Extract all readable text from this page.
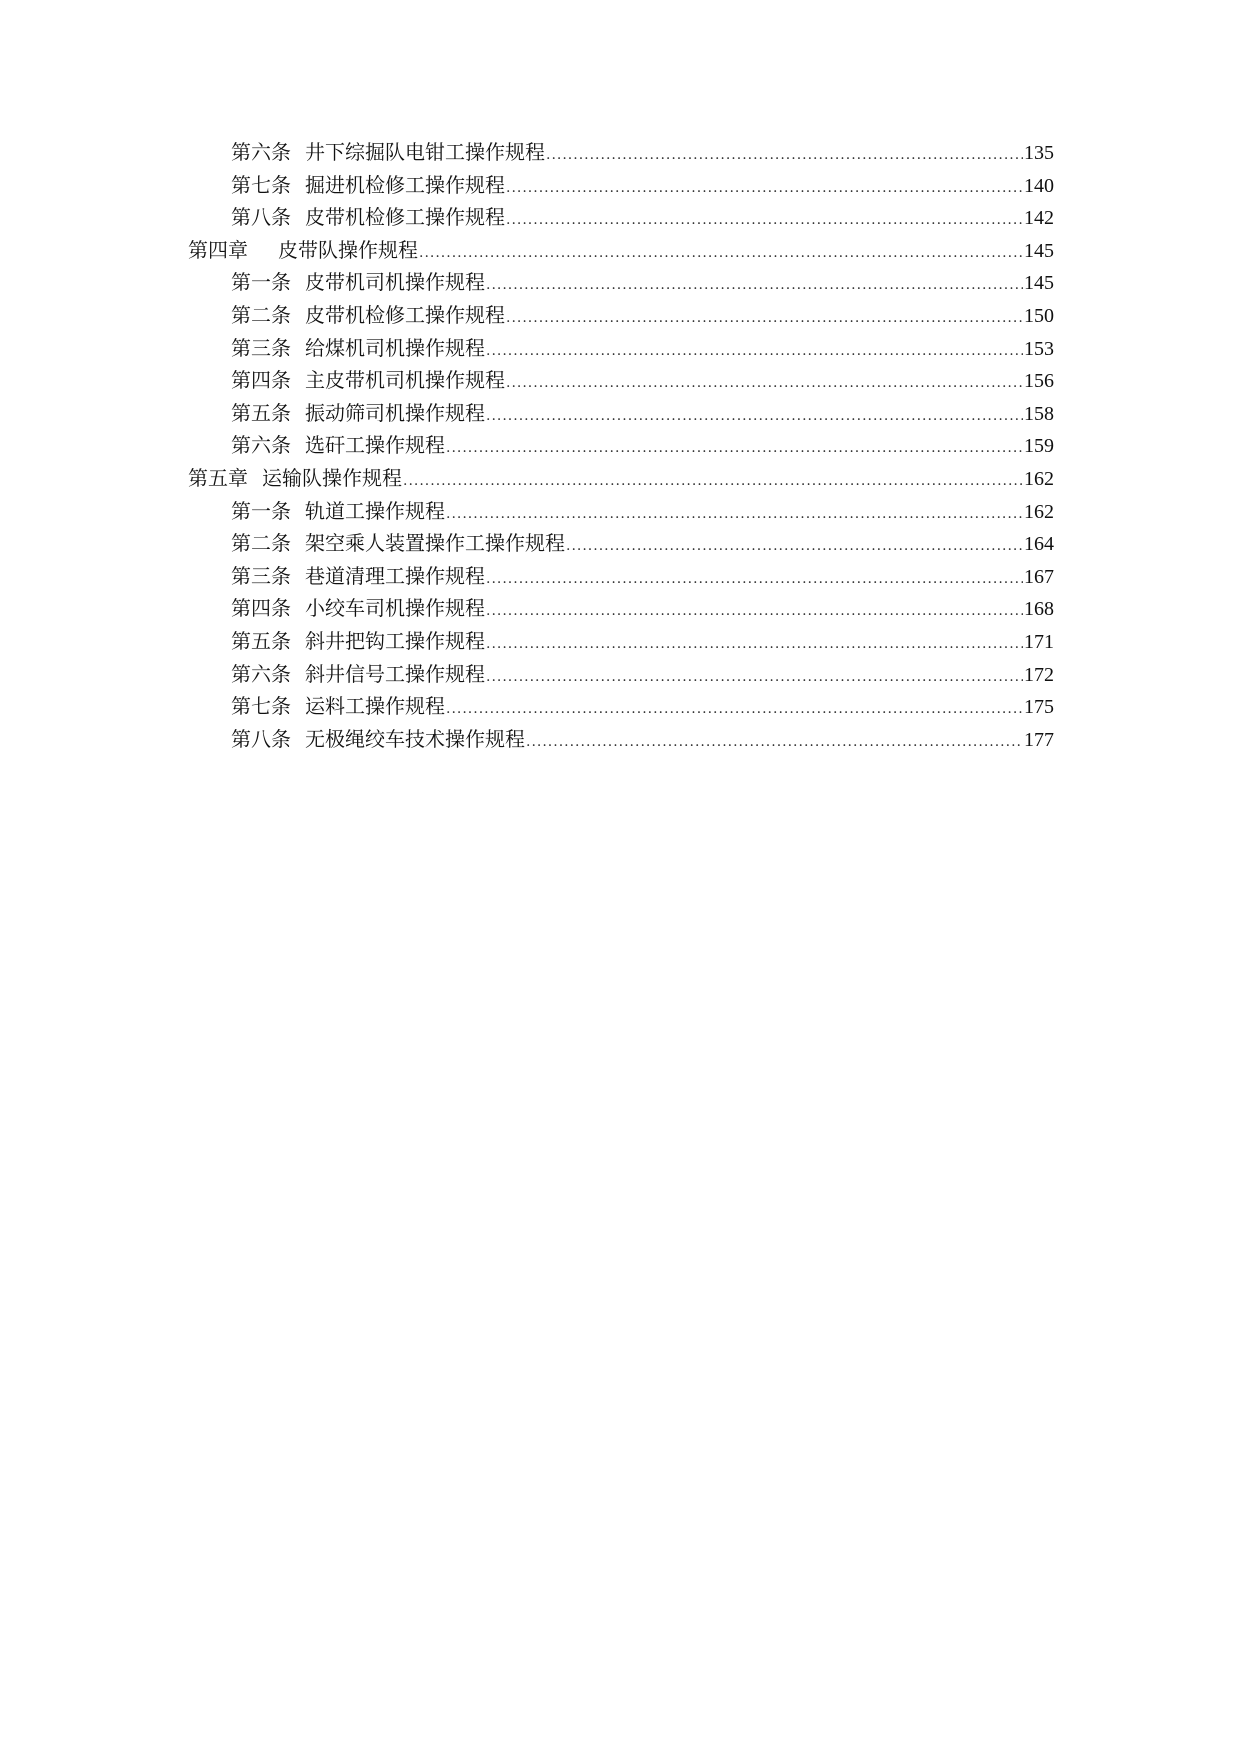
第六条 井下综掘队电钳工操作规程 .....	135
第七条 掘进机检修工操作规程 .....	140
第八条 皮带机检修工操作规程 .....	142
第四章 皮带队操作规程 .....	145
第一条 皮带机司机操作规程 .....	145
第二条 皮带机检修工操作规程 .....	150
第三条 给煤机司机操作规程 .....	153
第四条 主皮带机司机操作规程 .....	156
第五条 振动筛司机操作规程 .....	158
第六条 选矸工操作规程 .....	159
第五章 运输队操作规程 .....	162
第一条 轨道工操作规程 .....	162
第二条 架空乘人装置操作工操作规程 .....	164
第三条 巷道清理工操作规程 .....	167
第四条 小绞车司机操作规程 .....	168
第五条 斜井把钩工操作规程 .....	171
第六条 斜井信号工操作规程 .....	172
第七条 运料工操作规程 .....	175
第八条 无极绳绞车技术操作规程 .....	177
